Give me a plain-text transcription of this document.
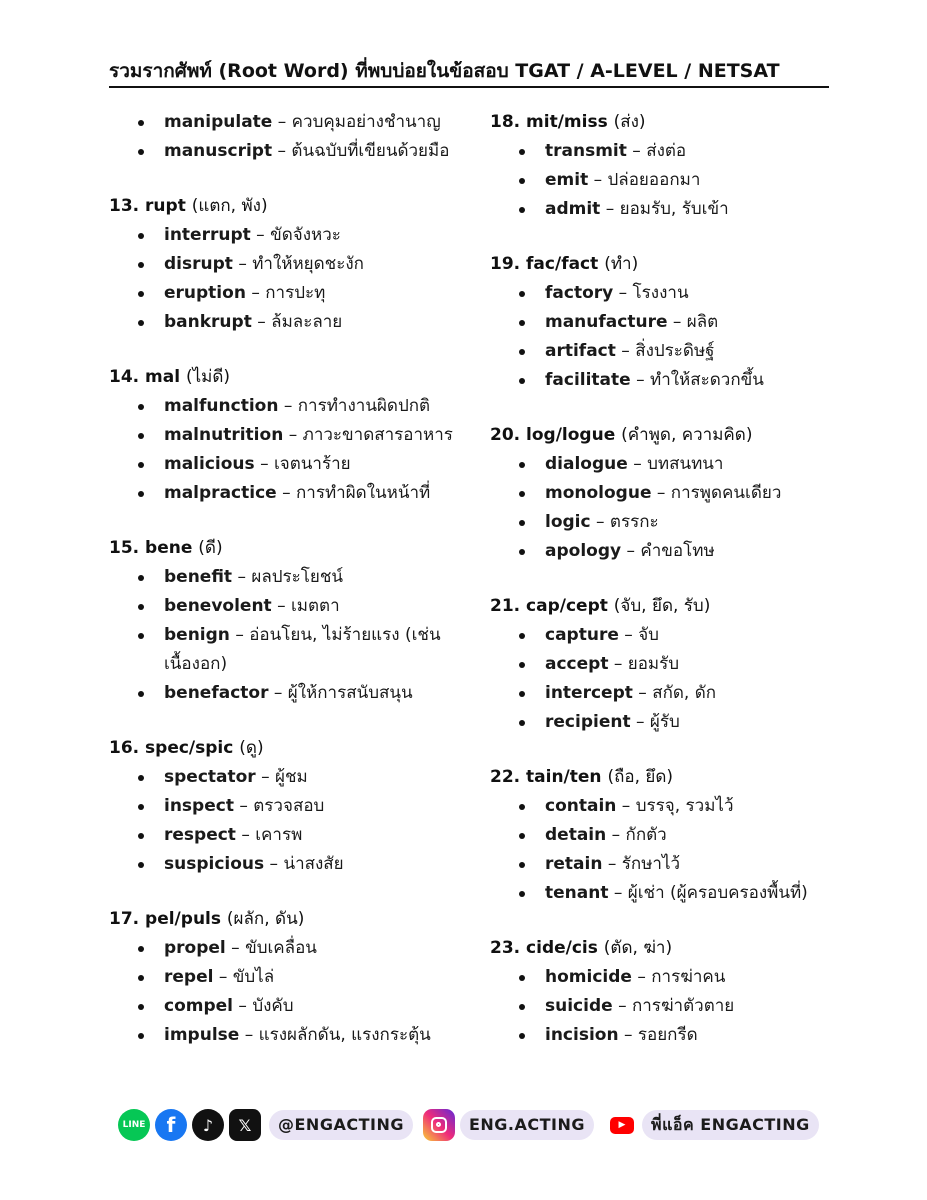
รวมรากศัพท์ (Root Word) ที่พบบ่อยในข้อสอบ TGAT / A-LEVEL / NETSAT
manipulate – ควบคุมอย่างชำนาญ
manuscript – ต้นฉบับที่เขียนด้วยมือ
13. rupt (แตก, พัง)
interrupt – ขัดจังหวะ
disrupt – ทำให้หยุดชะงัก
eruption – การปะทุ
bankrupt – ล้มละลาย
14. mal (ไม่ดี)
malfunction – การทำงานผิดปกติ
malnutrition – ภาวะขาดสารอาหาร
malicious – เจตนาร้าย
malpractice – การทำผิดในหน้าที่
15. bene (ดี)
benefit – ผลประโยชน์
benevolent – เมตตา
benign – อ่อนโยน, ไม่ร้ายแรง (เช่นเนื้องอก)
benefactor – ผู้ให้การสนับสนุน
16. spec/spic (ดู)
spectator – ผู้ชม
inspect – ตรวจสอบ
respect – เคารพ
suspicious – น่าสงสัย
17. pel/puls (ผลัก, ดัน)
propel – ขับเคลื่อน
repel – ขับไล่
compel – บังคับ
impulse – แรงผลักดัน, แรงกระตุ้น
18. mit/miss (ส่ง)
transmit – ส่งต่อ
emit – ปล่อยออกมา
admit – ยอมรับ, รับเข้า
19. fac/fact (ทำ)
factory – โรงงาน
manufacture – ผลิต
artifact – สิ่งประดิษฐ์
facilitate – ทำให้สะดวกขึ้น
20. log/logue (คำพูด, ความคิด)
dialogue – บทสนทนา
monologue – การพูดคนเดียว
logic – ตรรกะ
apology – คำขอโทษ
21. cap/cept (จับ, ยึด, รับ)
capture – จับ
accept – ยอมรับ
intercept – สกัด, ดัก
recipient – ผู้รับ
22. tain/ten (ถือ, ยึด)
contain – บรรจุ, รวมไว้
detain – กักตัว
retain – รักษาไว้
tenant – ผู้เช่า (ผู้ครอบครองพื้นที่)
23. cide/cis (ตัด, ฆ่า)
homicide – การฆ่าคน
suicide – การฆ่าตัวตาย
incision – รอยกรีด
LINE f ♪ 𝕏	@ENGACTING	ENG.ACTING	▶	พี่แอ็ค ENGACTING
